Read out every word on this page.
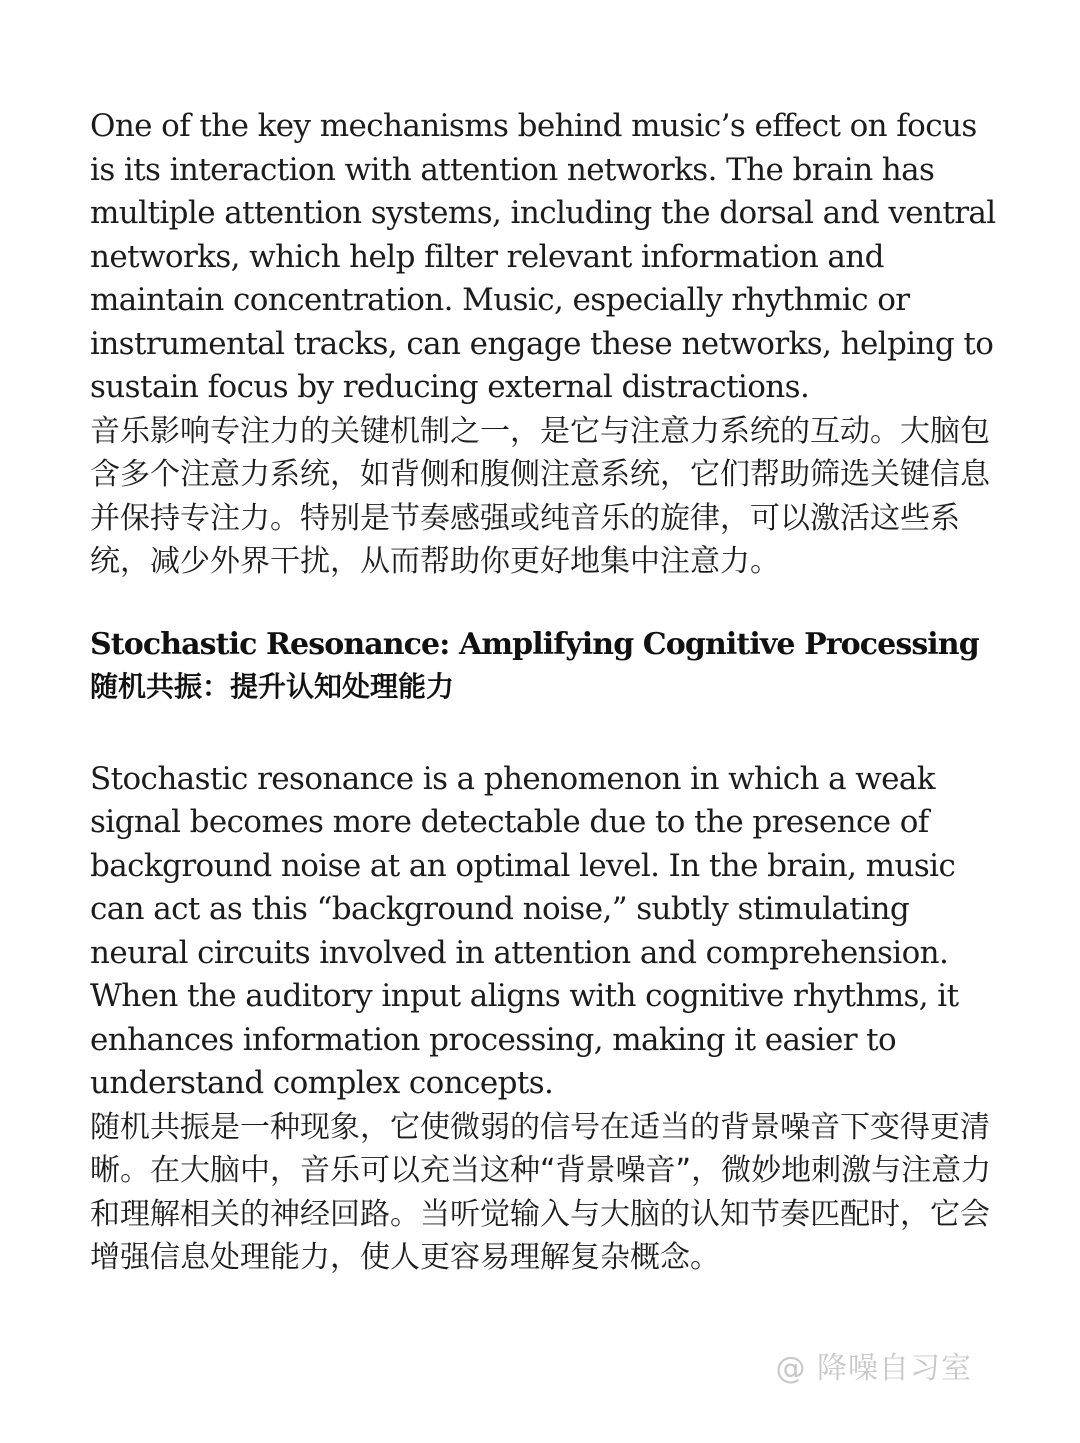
One of the key mechanisms behind music’s effect on focus is its interaction with attention networks. The brain has multiple attention systems, including the dorsal and ventral networks, which help filter relevant information and maintain concentration. Music, especially rhythmic or instrumental tracks, can engage these networks, helping to sustain focus by reducing external distractions.

音乐影响专注力的关键机制之一，是它与注意力系统的互动。大脑包含多个注意力系统，如背侧和腹侧注意系统，它们帮助筛选关键信息并保持专注力。特别是节奏感强或纯音乐的旋律，可以激活这些系统，减少外界干扰，从而帮助你更好地集中注意力。

Stochastic Resonance: Amplifying Cognitive Processing
随机共振：提升认知处理能力

Stochastic resonance is a phenomenon in which a weak signal becomes more detectable due to the presence of background noise at an optimal level. In the brain, music can act as this “background noise,” subtly stimulating neural circuits involved in attention and comprehension. When the auditory input aligns with cognitive rhythms, it enhances information processing, making it easier to understand complex concepts.

随机共振是一种现象，它使微弱的信号在适当的背景噪音下变得更清晰。在大脑中，音乐可以充当这种“背景噪音”，微妙地刺激与注意力和理解相关的神经回路。当听觉输入与大脑的认知节奏匹配时，它会增强信息处理能力，使人更容易理解复杂概念。

@ 降噪自习室
